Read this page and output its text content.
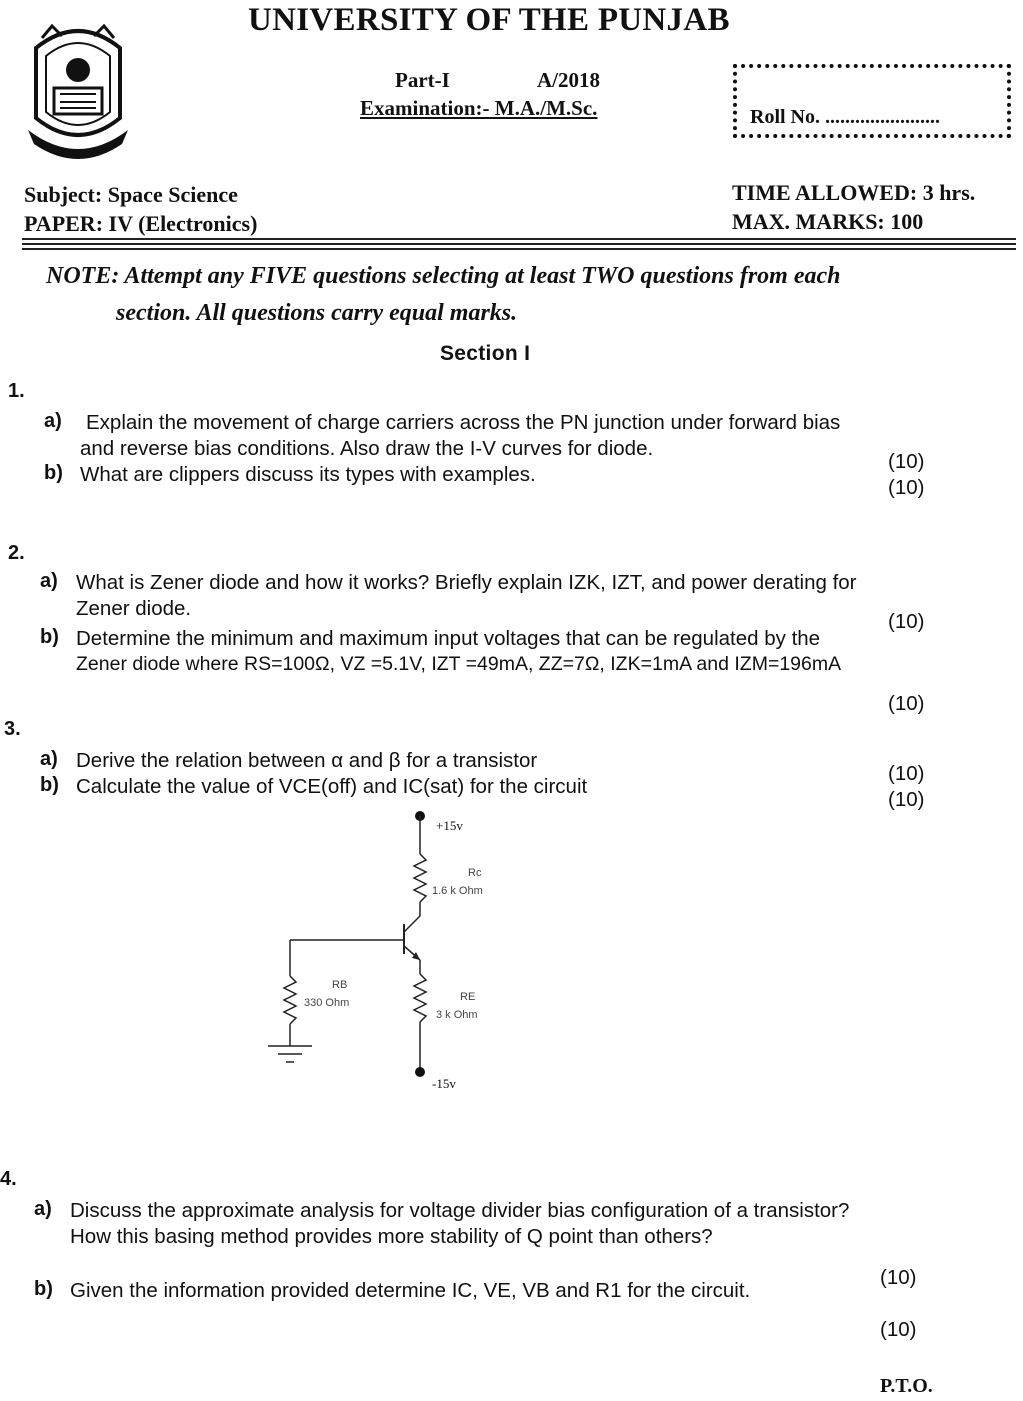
UNIVERSITY OF THE PUNJAB
Part-I	A/2018
Examination:- M.A./M.Sc.	Roll No. .......................
Subject: Space Science
PAPER: IV (Electronics)
TIME ALLOWED: 3 hrs.
MAX. MARKS: 100
NOTE: Attempt any FIVE questions selecting at least TWO questions from each
section. All questions carry equal marks.
Section I
1.
a) Explain the movement of charge carriers across the PN junction under forward bias
and reverse bias conditions. Also draw the I-V curves for diode.
(10)
b) What are clippers discuss its types with examples.
(10)
2.
a) What is Zener diode and how it works? Briefly explain IZK, IZT, and power derating for
Zener diode.
(10)
b) Determine the minimum and maximum input voltages that can be regulated by the
Zener diode where RS=100Ω, VZ =5.1V, IZT =49mA, ZZ=7Ω, IZK=1mA and IZM=196mA
(10)
3.
a) Derive the relation between α and β for a transistor
(10)
b) Calculate the value of VCE(off) and IC(sat) for the circuit
(10)
+15v
Rc
1.6 k Ohm
RB
330 Ohm	RE
3 k Ohm
-15v
4.
a) Discuss the approximate analysis for voltage divider bias configuration of a transistor?
How this basing method provides more stability of Q point than others?
(10)
b) Given the information provided determine IC, VE, VB and R1 for the circuit.
(10)
P.T.O.
